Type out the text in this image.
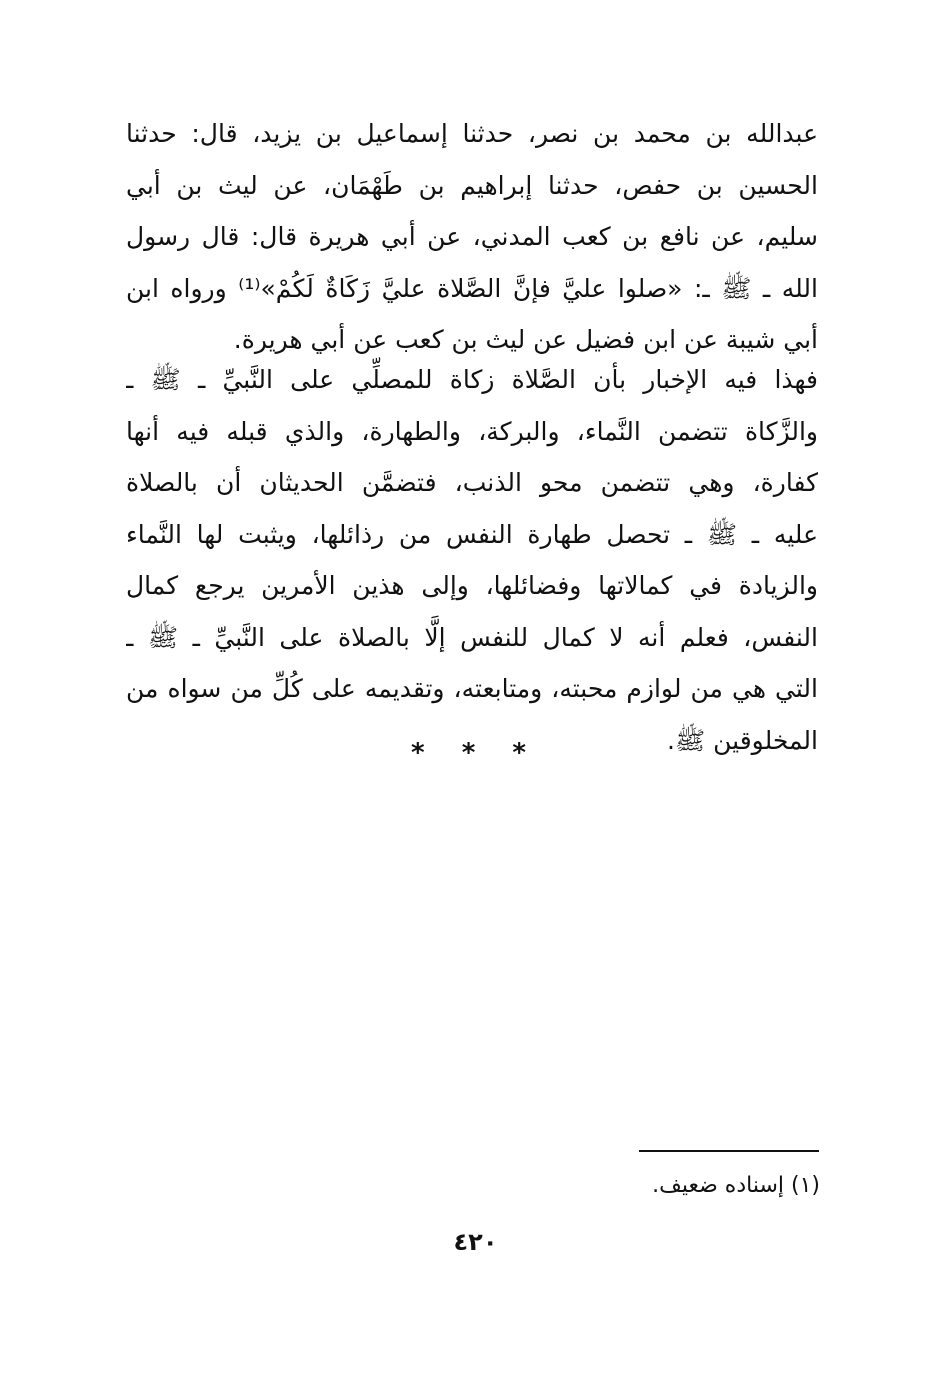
عبدالله بن محمد بن نصر، حدثنا إسماعيل بن يزيد، قال: حدثنا
الحسين بن حفص، حدثنا إبراهيم بن طَهْمَان، عن ليث بن أبي
سليم، عن نافع بن كعب المدني، عن أبي هريرة قال: قال رسول
الله ـ ﷺ ـ: «صلوا عليَّ فإنَّ الصَّلاة عليَّ زَكَاةٌ لَكُمْ»⁽¹⁾ ورواه ابن
أبي شيبة عن ابن فضيل عن ليث بن كعب عن أبي هريرة.
فهذا فيه الإخبار بأن الصَّلاة زكاة للمصلِّي على النَّبيِّ ـ ﷺ ـ
والزَّكاة تتضمن النَّماء، والبركة، والطهارة، والذي قبله فيه أنها
كفارة، وهي تتضمن محو الذنب، فتضمَّن الحديثان أن بالصلاة
عليه ـ ﷺ ـ تحصل طهارة النفس من رذائلها، ويثبت لها النَّماء
والزيادة في كمالاتها وفضائلها، وإلى هذين الأمرين يرجع كمال
النفس، فعلم أنه لا كمال للنفس إلَّا بالصلاة على النَّبيِّ ـ ﷺ ـ
التي هي من لوازم محبته، ومتابعته، وتقديمه على كُلِّ من سواه من
المخلوقين ﷺ.
* * *
(١) إسناده ضعيف.
٤٢٠
